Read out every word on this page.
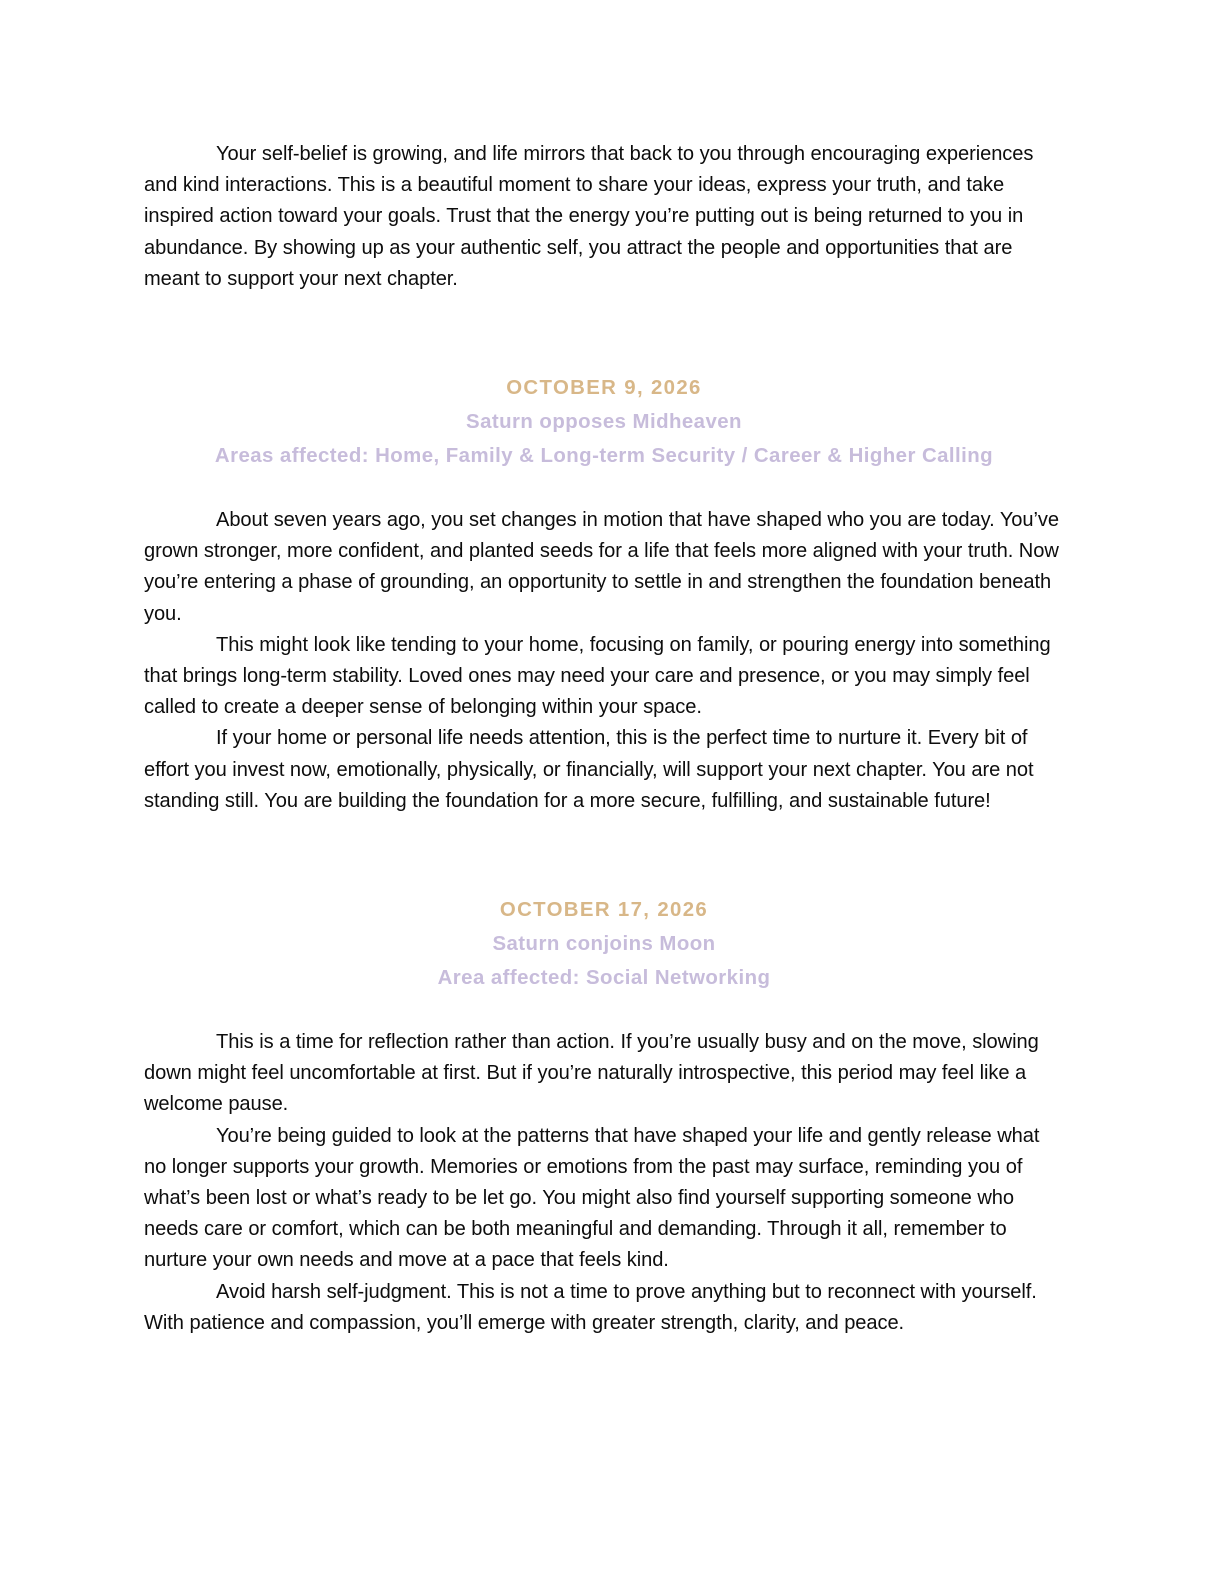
Your self-belief is growing, and life mirrors that back to you through encouraging experiences and kind interactions. This is a beautiful moment to share your ideas, express your truth, and take inspired action toward your goals. Trust that the energy you’re putting out is being returned to you in abundance. By showing up as your authentic self, you attract the people and opportunities that are meant to support your next chapter.

OCTOBER 9, 2026

Saturn opposes Midheaven

Areas affected: Home, Family & Long-term Security / Career & Higher Calling

About seven years ago, you set changes in motion that have shaped who you are today. You’ve grown stronger, more confident, and planted seeds for a life that feels more aligned with your truth. Now you’re entering a phase of grounding, an opportunity to settle in and strengthen the foundation beneath you.

This might look like tending to your home, focusing on family, or pouring energy into something that brings long-term stability. Loved ones may need your care and presence, or you may simply feel called to create a deeper sense of belonging within your space.

If your home or personal life needs attention, this is the perfect time to nurture it. Every bit of effort you invest now, emotionally, physically, or financially, will support your next chapter. You are not standing still. You are building the foundation for a more secure, fulfilling, and sustainable future!

OCTOBER 17, 2026

Saturn conjoins Moon

Area affected: Social Networking

This is a time for reflection rather than action. If you’re usually busy and on the move, slowing down might feel uncomfortable at first. But if you’re naturally introspective, this period may feel like a welcome pause.

You’re being guided to look at the patterns that have shaped your life and gently release what no longer supports your growth. Memories or emotions from the past may surface, reminding you of what’s been lost or what’s ready to be let go. You might also find yourself supporting someone who needs care or comfort, which can be both meaningful and demanding. Through it all, remember to nurture your own needs and move at a pace that feels kind.

Avoid harsh self-judgment. This is not a time to prove anything but to reconnect with yourself. With patience and compassion, you’ll emerge with greater strength, clarity, and peace.
